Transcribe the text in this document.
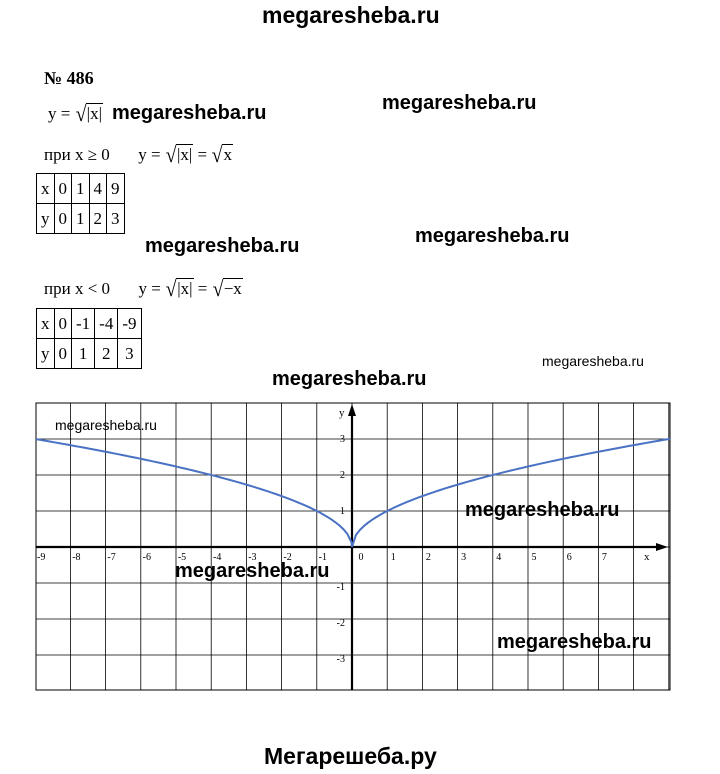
megaresheba.ru
№ 486
y = √|x|
при x ≥ 0 y = √|x| = √x
x	0	1	4	9
y	0	1	2	3
при x < 0 y = √|x| = √−x
x	0	-1	-4	-9
y	0	1	2	3
x
y
-9	-8	-7	-6	-5	-4	-3	-2	-1	0	1	2	3	4	5	6	7
3
2
1
-1
-2
-3
megaresheba.ru	megaresheba.ru
megaresheba.ru	megaresheba.ru
megaresheba.ru
megaresheba.ru
megaresheba.ru
megaresheba.ru
megaresheba.ru
megaresheba.ru
Мегарешеба.ру
